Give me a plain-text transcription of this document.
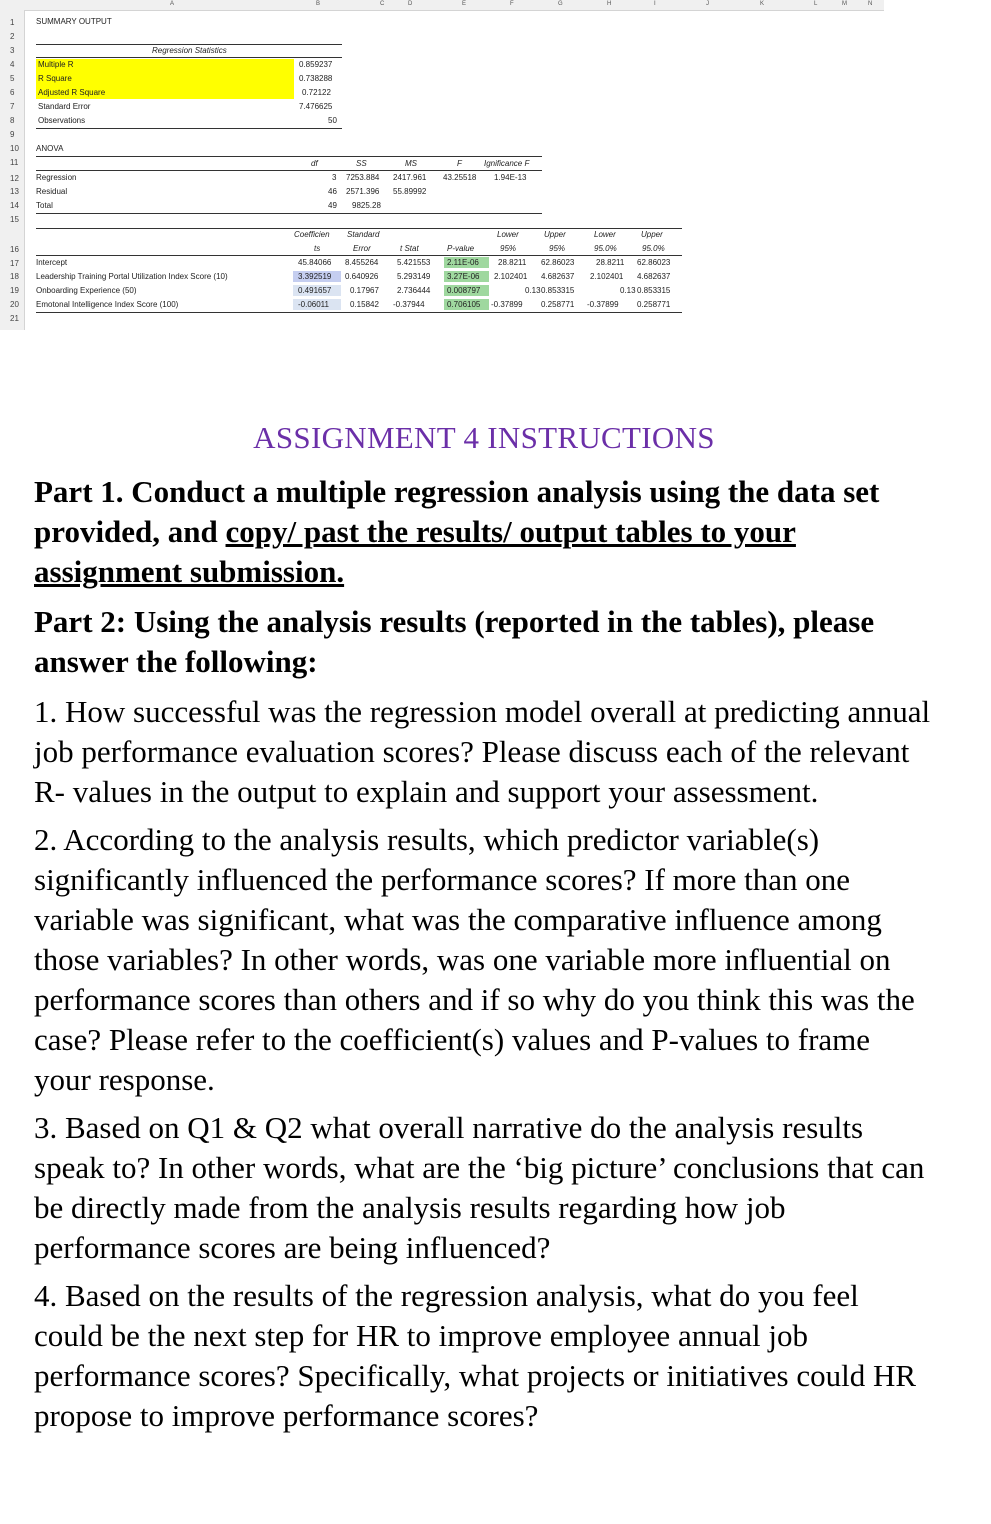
A	B	C	D	E	F	G	H	I	J	K	L	M	N
1
2
3
4
5
6
7
8
9
10
11
12
13
14
15
16
17
18
19
20
21
SUMMARY OUTPUT
Regression Statistics
Multiple R	0.859237
R Square	0.738288
Adjusted R Square	0.72122
Standard Error	7.476625
Observations	50
ANOVA
df	SS	MS	F	Ignificance F
Regression	3 7253.884 2417.961 43.25518 1.94E-13
Residual	46 2571.396 55.89992
Total	49 9825.28
Coefficien Standard	Lower	Upper	Lower	Upper
ts	Error	t Stat	P-value	95%	95%	95.0%	95.0%
Intercept	45.84066 8.455264 5.421553 2.11E-06 28.8211 62.86023	28.8211 62.86023
Leadership Training Portal Utilization Index Score (10)	3.392519 0.640926 5.293149 3.27E-06 2.102401 4.682637 2.102401 4.682637
Onboarding Experience (50)	0.491657 0.17967 2.736444 0.008797	0.13 0.853315	0.13 0.853315
Emotonal Intelligence Index Score (100)	-0.06011	0.15842 -0.37944	0.706105 -0.37899 0.258771 -0.37899 0.258771
ASSIGNMENT 4 INSTRUCTIONS
Part 1. Conduct a multiple regression analysis using the data set provided, and copy/ past the results/ output tables to your assignment submission.
Part 2: Using the analysis results (reported in the tables), please answer the following:
1. How successful was the regression model overall at predicting annual job performance evaluation scores? Please discuss each of the relevant R- values in the output to explain and support your assessment.
2. According to the analysis results, which predictor variable(s) significantly influenced the performance scores? If more than one variable was significant, what was the comparative influence among those variables? In other words, was one variable more influential on performance scores than others and if so why do you think this was the case? Please refer to the coefficient(s) values and P-values to frame your response.
3. Based on Q1 & Q2 what overall narrative do the analysis results speak to? In other words, what are the ‘big picture’ conclusions that can be directly made from the analysis results regarding how job performance scores are being influenced?
4. Based on the results of the regression analysis, what do you feel could be the next step for HR to improve employee annual job performance scores? Specifically, what projects or initiatives could HR propose to improve performance scores?
